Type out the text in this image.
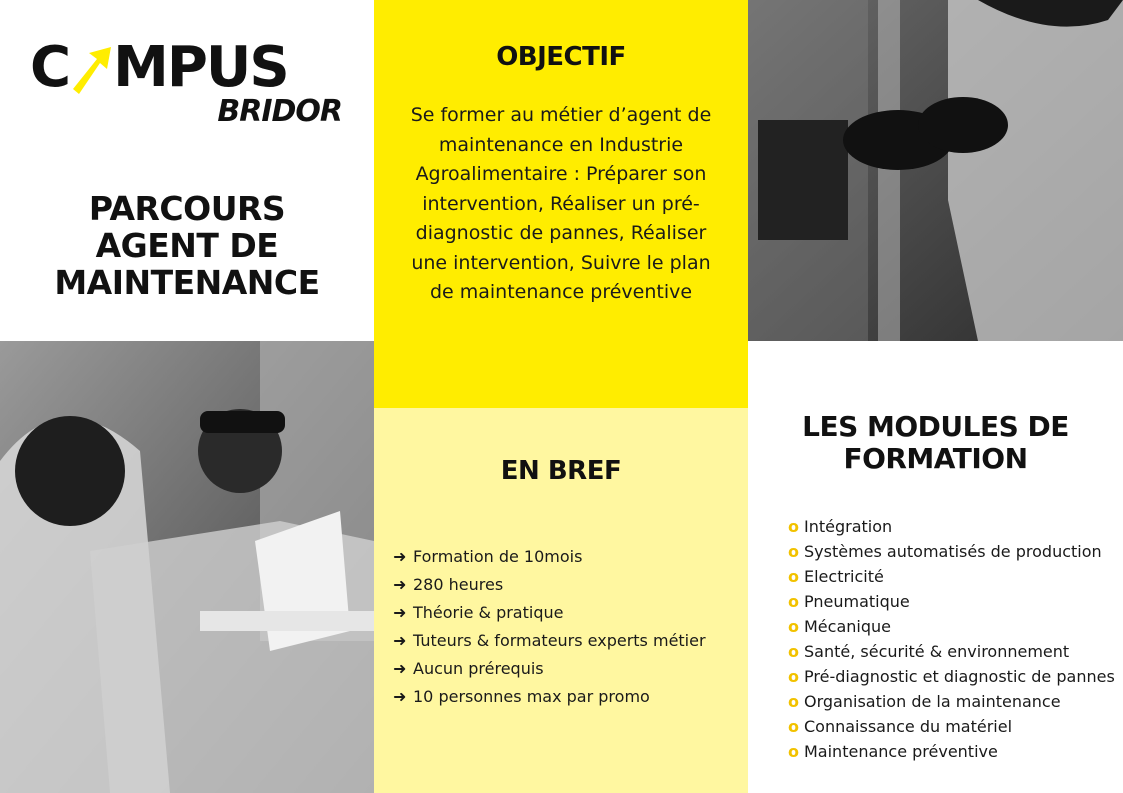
C MPUS
BRIDOR
PARCOURS
AGENT DE
MAINTENANCE
OBJECTIF

Se former au métier d’agent de maintenance en Industrie Agroalimentaire : Préparer son intervention, Réaliser un pré-diagnostic de pannes, Réaliser une intervention, Suivre le plan de maintenance préventive

EN BREF
➜ Formation de 10mois
➜ 280 heures
➜ Théorie & pratique
➜ Tuteurs & formateurs experts métier
➜ Aucun prérequis
➜ 10 personnes max par promo
LES MODULES DE
FORMATION
o Intégration
o Systèmes automatisés de production
o Electricité
o Pneumatique
o Mécanique
o Santé, sécurité & environnement
o Pré-diagnostic et diagnostic de pannes
o Organisation de la maintenance
o Connaissance du matériel
o Maintenance préventive
